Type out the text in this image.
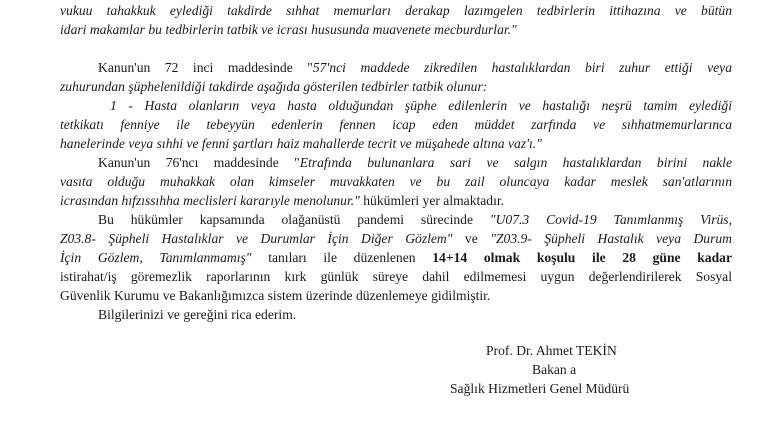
vukuu tahakkuk eylediği takdirde sıhhat memurları derakap lazımgelen tedbirlerin ittihazına ve bütün
idari makamlar bu tedbirlerin tatbik ve icrası hususunda muavenete mecburdurlar."
Kanun'un 72 inci maddesinde "57'nci maddede zikredilen hastalıklardan biri zuhur ettiği veya
zuhurundan şüphelenildiği takdirde aşağıda gösterilen tedbirler tatbik olunur:
1 - Hasta olanların veya hasta olduğundan şüphe edilenlerin ve hastalığı neşrü tamim eylediği
tetkikatı fenniye ile tebeyyün edenlerin fennen icap eden müddet zarfında ve sıhhatmemurlarınca
hanelerinde veya sıhhi ve fenni şartları haiz mahallerde tecrit ve müşahede altına vaz'ı."
Kanun'un 76'ncı maddesinde "Etrafında bulunanlara sari ve salgın hastalıklardan birini nakle
vasıta olduğu muhakkak olan kimseler muvakkaten ve bu zail oluncaya kadar meslek san'atlarının
icrasından hıfzıssıhha meclisleri kararıyle menolunur." hükümleri yer almaktadır.
Bu hükümler kapsamında olağanüstü pandemi sürecinde "U07.3 Covid-19 Tanımlanmış Virüs,
Z03.8- Şüpheli Hastalıklar ve Durumlar İçin Diğer Gözlem" ve "Z03.9- Şüpheli Hastalık veya Durum
İçin Gözlem, Tanımlanmamış" tanıları ile düzenlenen 14+14 olmak koşulu ile 28 güne kadar
istirahat/iş göremezlik raporlarının kırk günlük süreye dahil edilmemesi uygun değerlendirilerek Sosyal
Güvenlik Kurumu ve Bakanlığımızca sistem üzerinde düzenlemeye gidilmiştir.
Bilgilerinizi ve gereğini rica ederim.
Prof. Dr. Ahmet TEKİN
Bakan a
Sağlık Hizmetleri Genel Müdürü
